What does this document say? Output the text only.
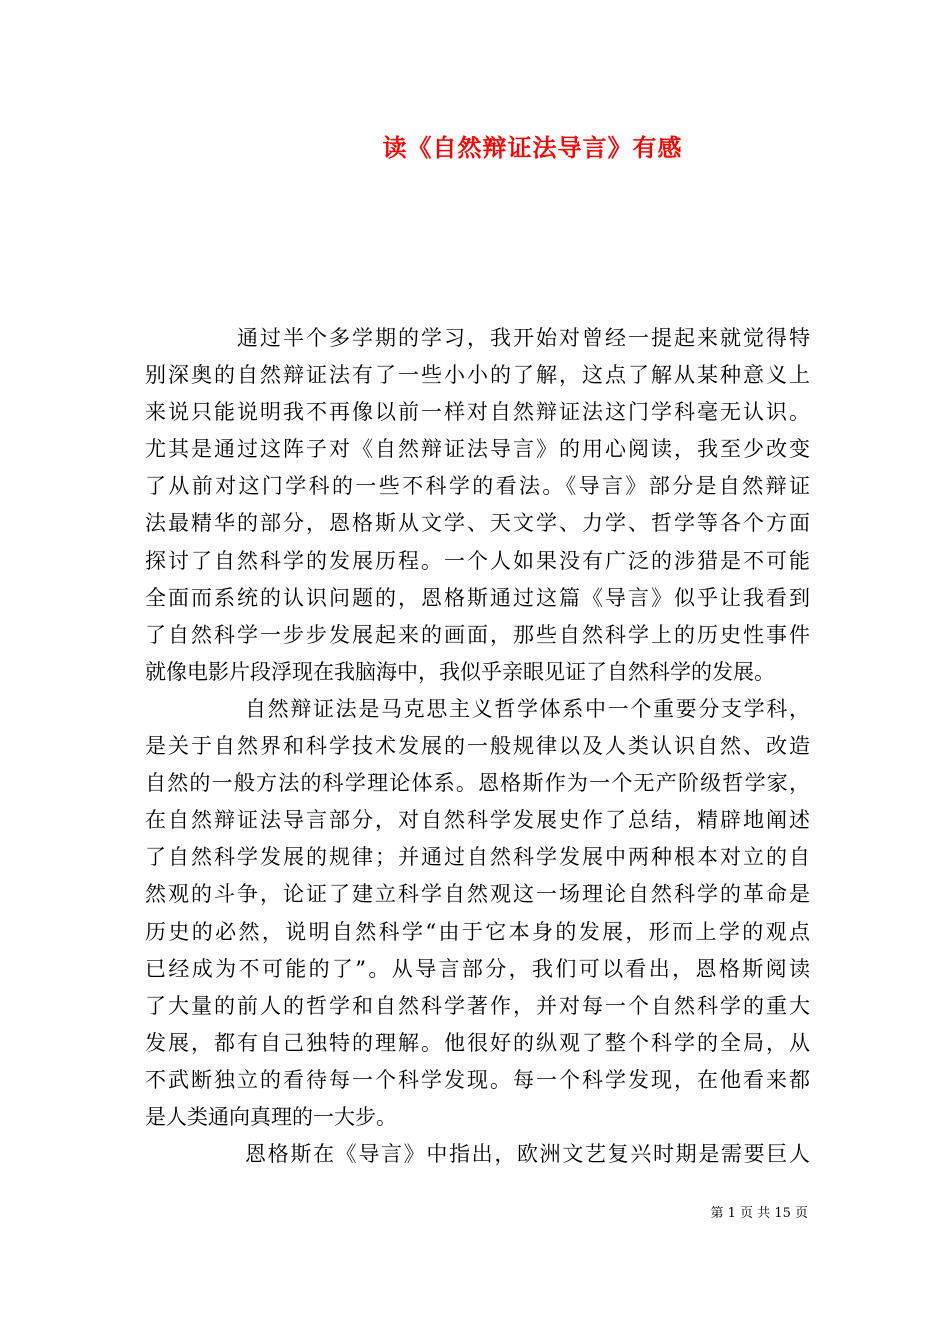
读《自然辩证法导言》有感
通过半个多学期的学习，我开始对曾经一提起来就觉得特
别深奥的自然辩证法有了一些小小的了解，这点了解从某种意义上
来说只能说明我不再像以前一样对自然辩证法这门学科毫无认识。
尤其是通过这阵子对《自然辩证法导言》的用心阅读，我至少改变
了从前对这门学科的一些不科学的看法。《导言》部分是自然辩证
法最精华的部分，恩格斯从文学、天文学、力学、哲学等各个方面
探讨了自然科学的发展历程。一个人如果没有广泛的涉猎是不可能
全面而系统的认识问题的，恩格斯通过这篇《导言》似乎让我看到
了自然科学一步步发展起来的画面，那些自然科学上的历史性事件
就像电影片段浮现在我脑海中，我似乎亲眼见证了自然科学的发展。
自然辩证法是马克思主义哲学体系中一个重要分支学科，
是关于自然界和科学技术发展的一般规律以及人类认识自然、改造
自然的一般方法的科学理论体系。恩格斯作为一个无产阶级哲学家，
在自然辩证法导言部分，对自然科学发展史作了总结，精辟地阐述
了自然科学发展的规律；并通过自然科学发展中两种根本对立的自
然观的斗争，论证了建立科学自然观这一场理论自然科学的革命是
历史的必然，说明自然科学“由于它本身的发展，形而上学的观点
已经成为不可能的了”。从导言部分，我们可以看出，恩格斯阅读
了大量的前人的哲学和自然科学著作，并对每一个自然科学的重大
发展，都有自己独特的理解。他很好的纵观了整个科学的全局，从
不武断独立的看待每一个科学发现。每一个科学发现，在他看来都
是人类通向真理的一大步。
恩格斯在《导言》中指出，欧洲文艺复兴时期是需要巨人
第 1 页 共 15 页
